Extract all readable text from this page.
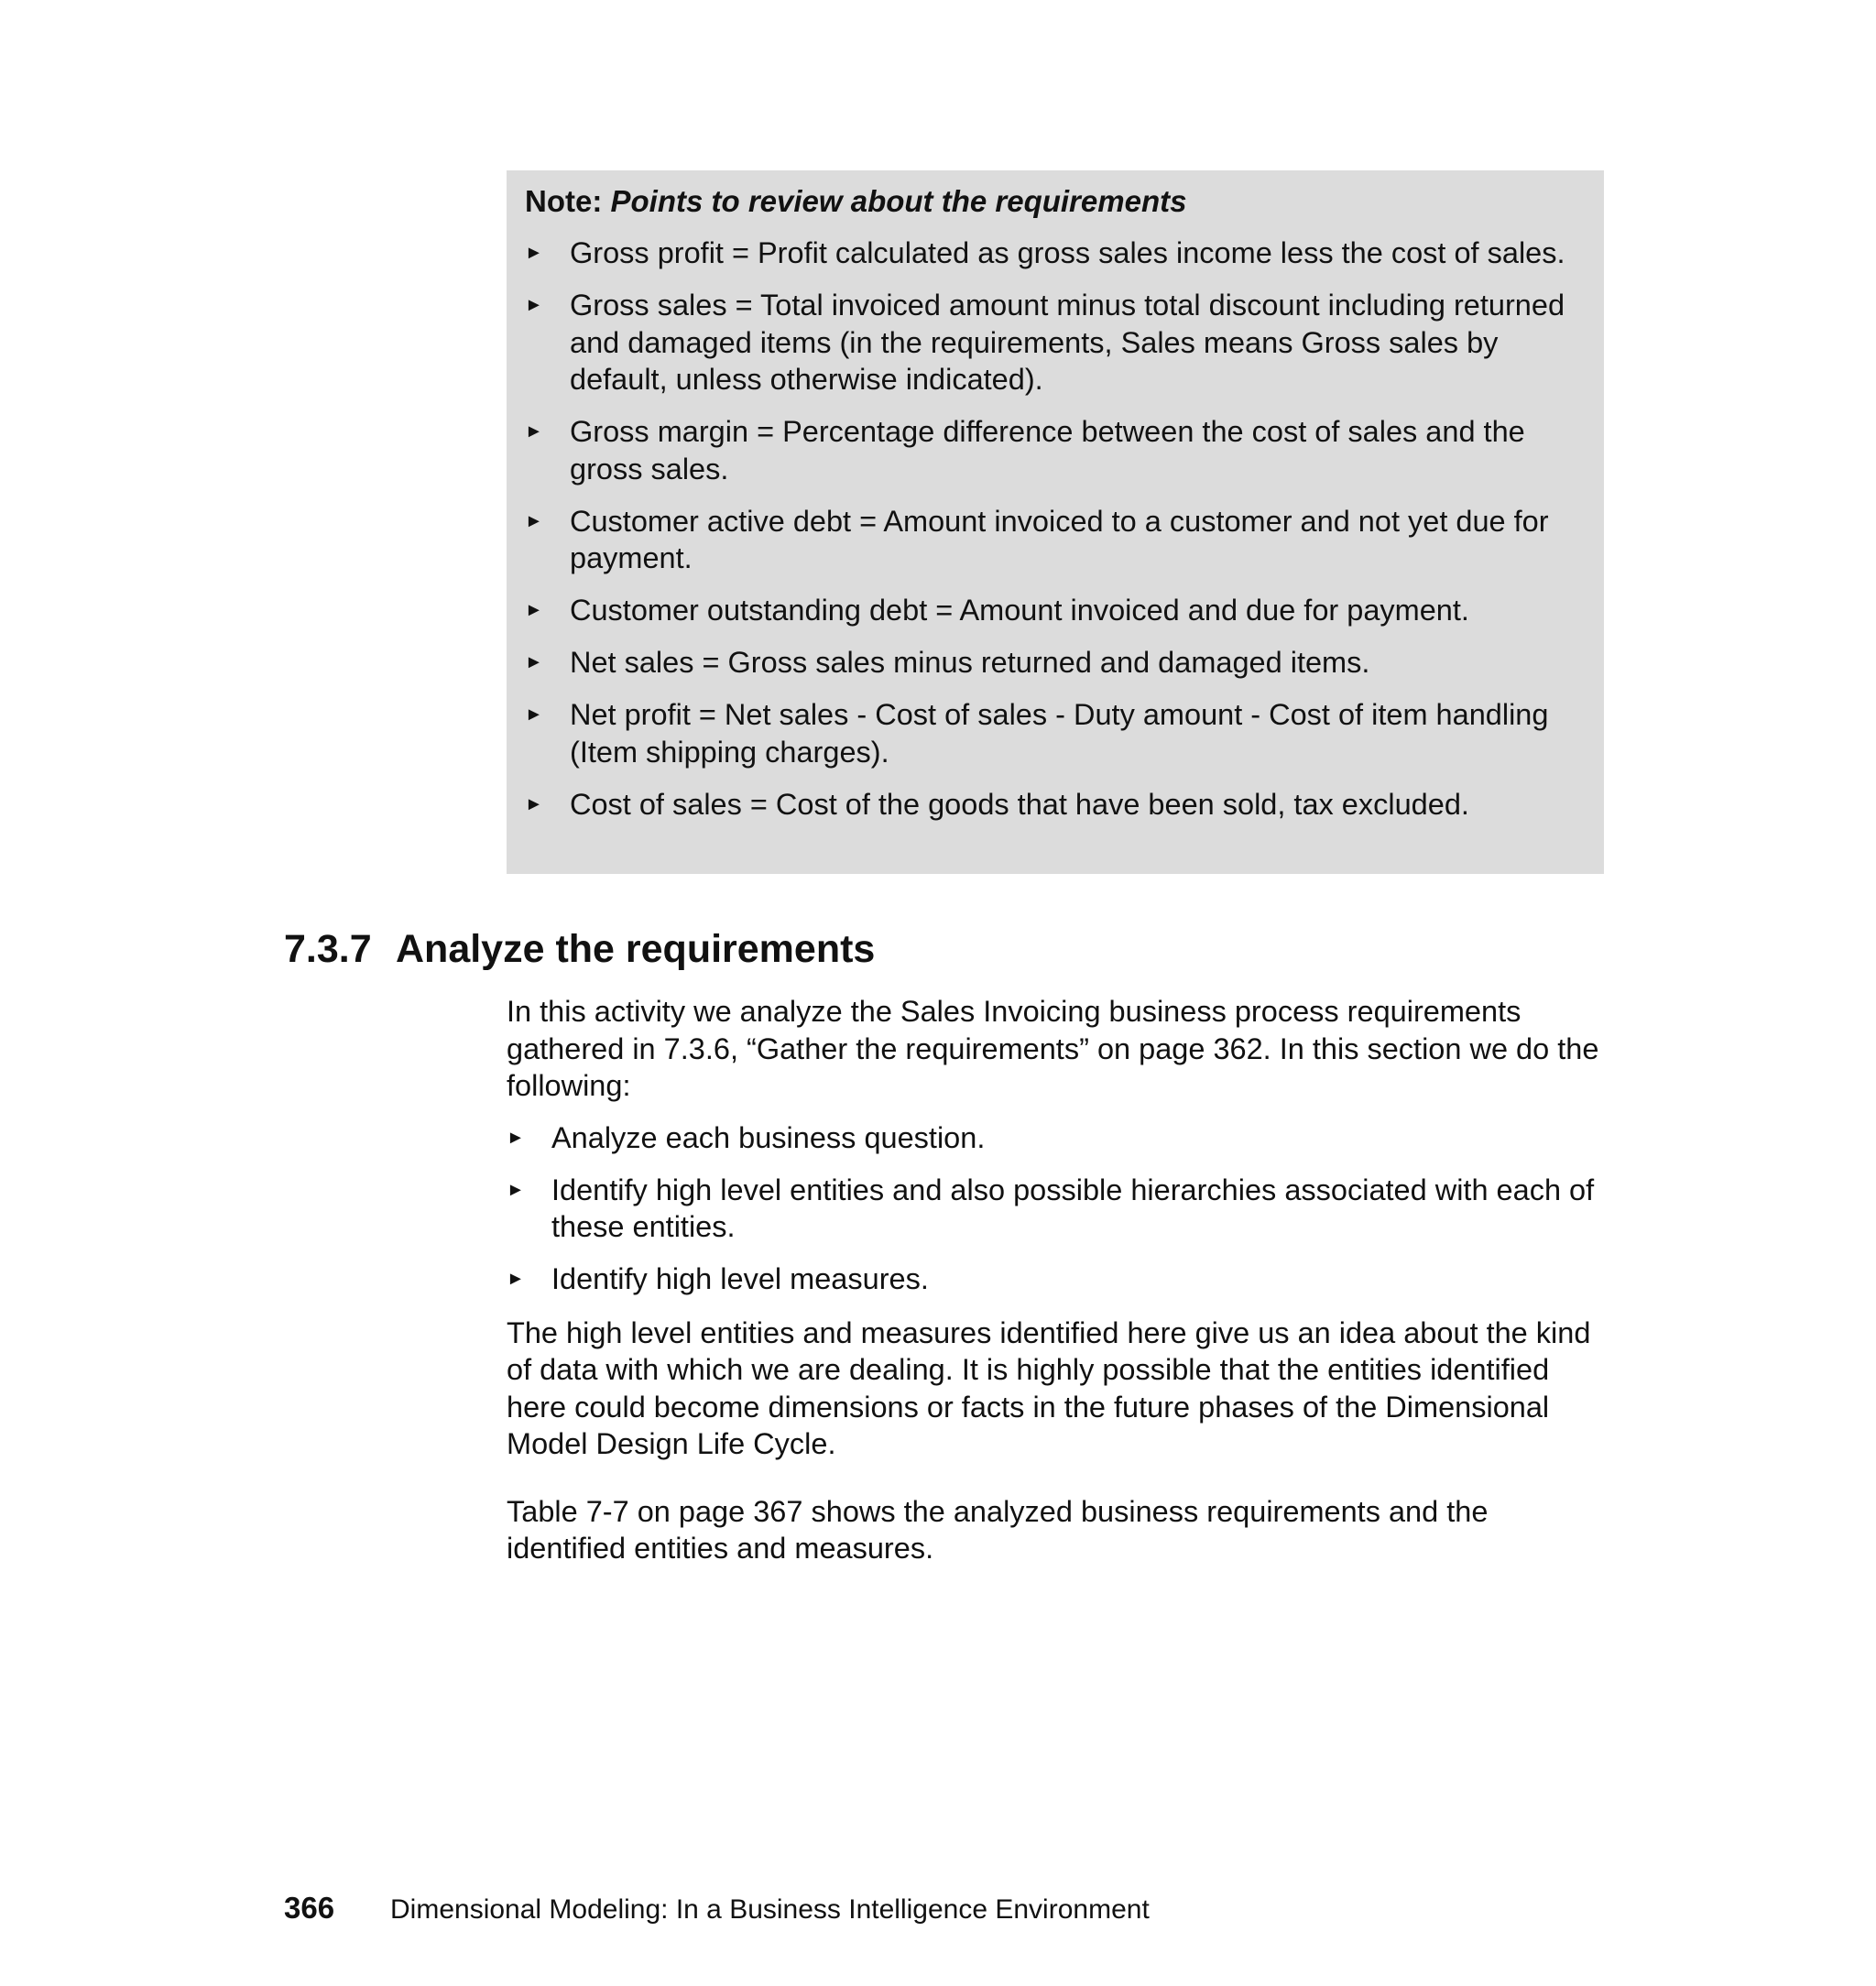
Note: Points to review about the requirements
► Gross profit = Profit calculated as gross sales income less the cost of sales.
► Gross sales = Total invoiced amount minus total discount including returned and damaged items (in the requirements, Sales means Gross sales by default, unless otherwise indicated).
► Gross margin = Percentage difference between the cost of sales and the gross sales.
► Customer active debt = Amount invoiced to a customer and not yet due for payment.
► Customer outstanding debt = Amount invoiced and due for payment.
► Net sales = Gross sales minus returned and damaged items.
► Net profit = Net sales - Cost of sales - Duty amount - Cost of item handling (Item shipping charges).
► Cost of sales = Cost of the goods that have been sold, tax excluded.
7.3.7 Analyze the requirements

In this activity we analyze the Sales Invoicing business process requirements gathered in 7.3.6, “Gather the requirements” on page 362. In this section we do the following:

► Analyze each business question.
► Identify high level entities and also possible hierarchies associated with each of these entities.
► Identify high level measures.

The high level entities and measures identified here give us an idea about the kind of data with which we are dealing. It is highly possible that the entities identified here could become dimensions or facts in the future phases of the Dimensional Model Design Life Cycle.

Table 7-7 on page 367 shows the analyzed business requirements and the identified entities and measures.

366 Dimensional Modeling: In a Business Intelligence Environment
